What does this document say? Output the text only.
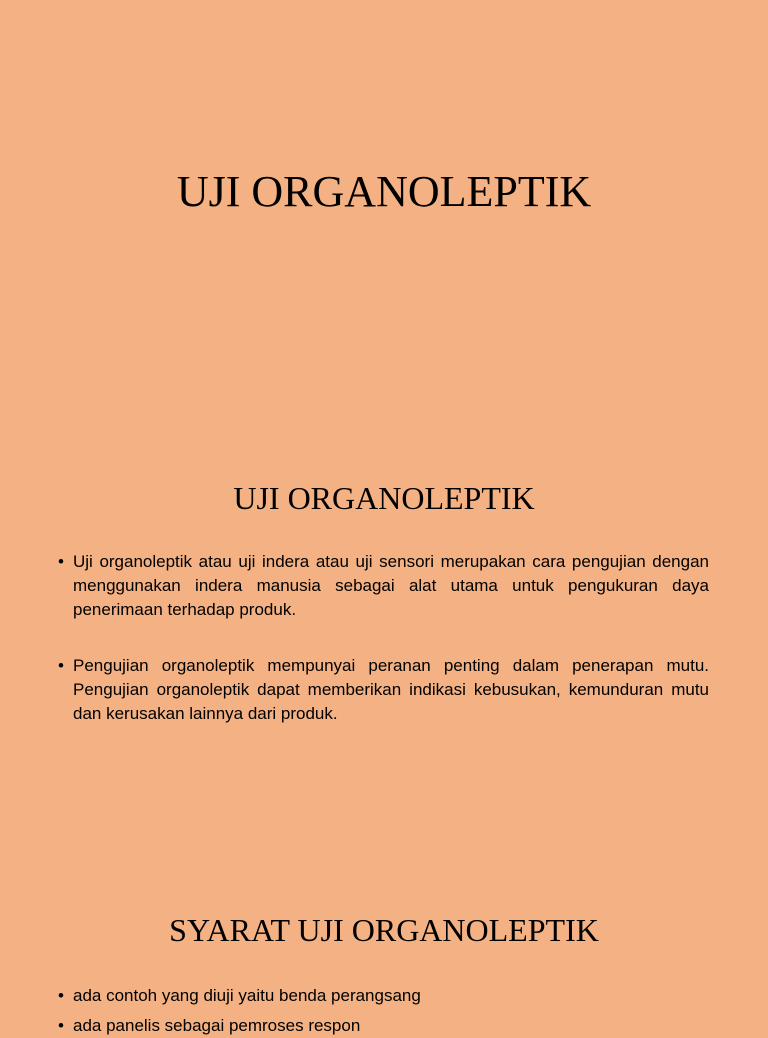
UJI ORGANOLEPTIK
UJI ORGANOLEPTIK
• Uji organoleptik atau uji indera atau uji sensori merupakan cara pengujian dengan menggunakan indera manusia sebagai alat utama untuk pengukuran daya penerimaan terhadap produk.
• Pengujian organoleptik mempunyai peranan penting dalam penerapan mutu. Pengujian organoleptik dapat memberikan indikasi kebusukan, kemunduran mutu dan kerusakan lainnya dari produk.
SYARAT UJI ORGANOLEPTIK
• ada contoh yang diuji yaitu benda perangsang
• ada panelis sebagai pemroses respon
